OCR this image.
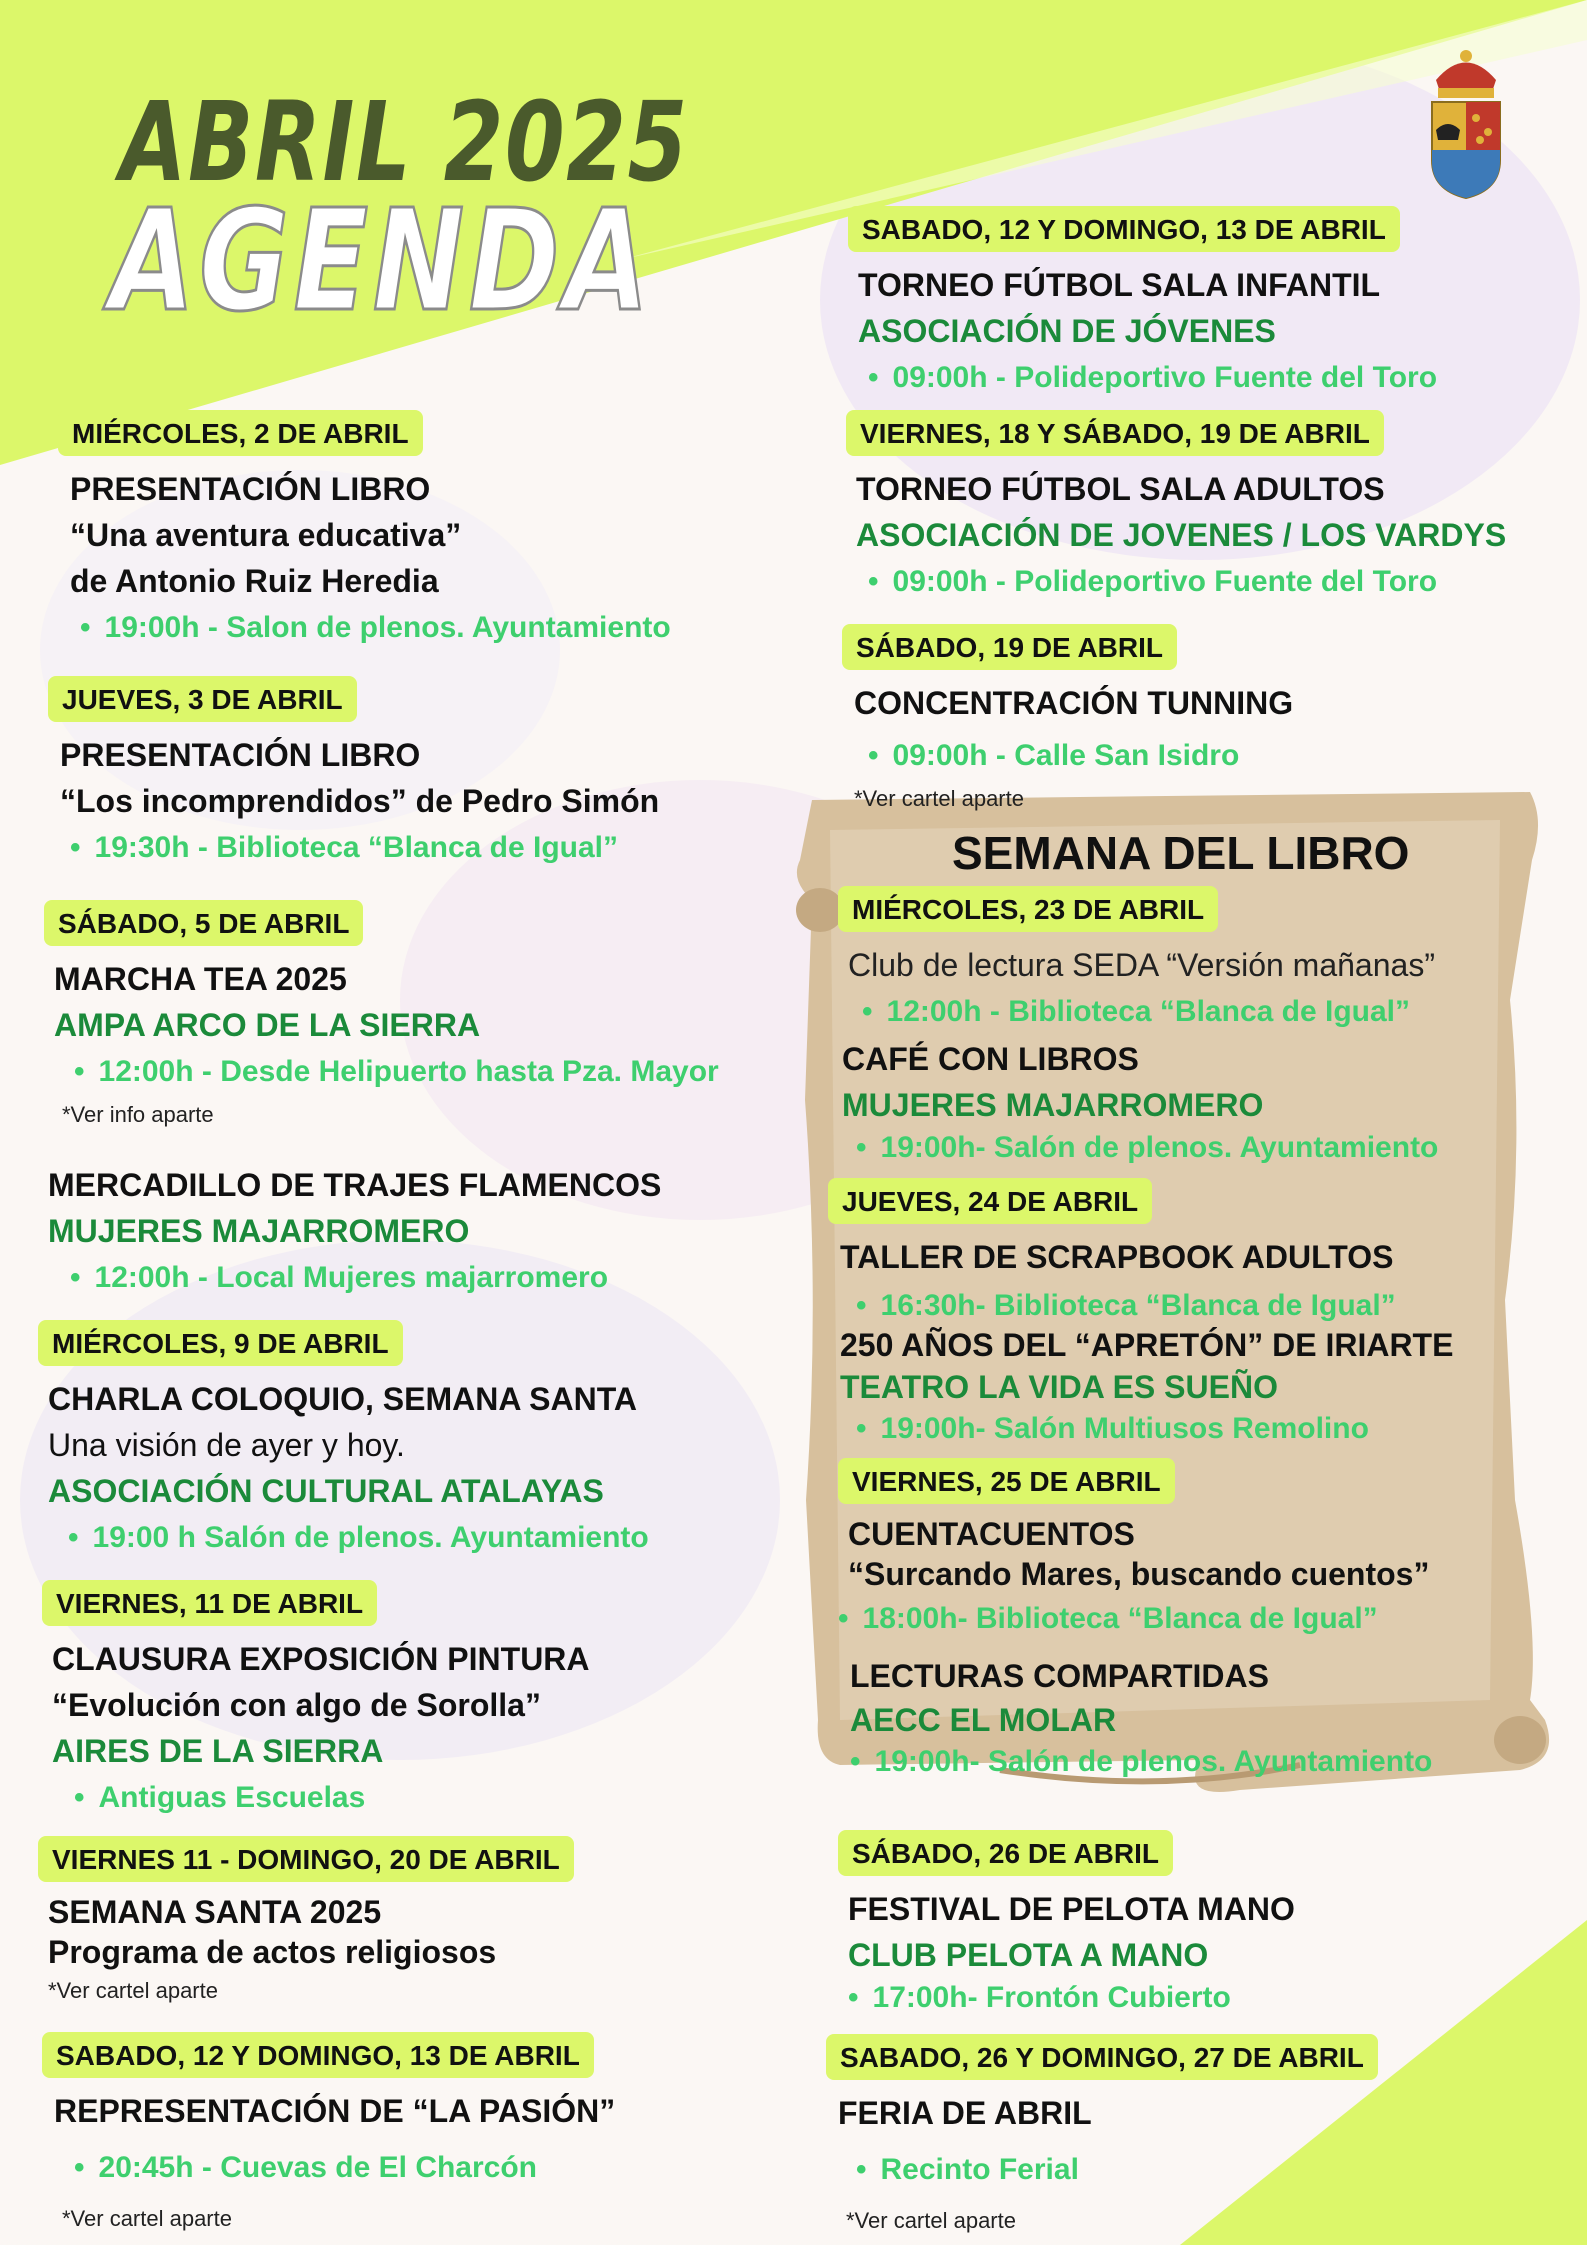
ABRIL 2025
AGENDA
MIÉRCOLES, 2 DE ABRIL
PRESENTACIÓN LIBRO
“Una aventura educativa”
de Antonio Ruiz Heredia
• 19:00h - Salon de plenos. Ayuntamiento
JUEVES, 3 DE ABRIL
PRESENTACIÓN LIBRO
“Los incomprendidos” de Pedro Simón
• 19:30h - Biblioteca “Blanca de Igual”
SÁBADO, 5 DE ABRIL
MARCHA TEA 2025
AMPA ARCO DE LA SIERRA
• 12:00h - Desde Helipuerto hasta Pza. Mayor
*Ver info aparte
MERCADILLO DE TRAJES FLAMENCOS
MUJERES MAJARROMERO
• 12:00h - Local Mujeres majarromero
MIÉRCOLES, 9 DE ABRIL
CHARLA COLOQUIO, SEMANA SANTA
Una visión de ayer y hoy.
ASOCIACIÓN CULTURAL ATALAYAS
• 19:00 h Salón de plenos. Ayuntamiento
VIERNES, 11 DE ABRIL
CLAUSURA EXPOSICIÓN PINTURA
“Evolución con algo de Sorolla”
AIRES DE LA SIERRA
• Antiguas Escuelas
VIERNES 11 - DOMINGO, 20 DE ABRIL
SEMANA SANTA 2025
Programa de actos religiosos
*Ver cartel aparte
SABADO, 12 Y DOMINGO, 13 DE ABRIL
REPRESENTACIÓN DE “LA PASIÓN”
• 20:45h - Cuevas de El Charcón
*Ver cartel aparte
SABADO, 12 Y DOMINGO, 13 DE ABRIL
TORNEO FÚTBOL SALA INFANTIL
ASOCIACIÓN DE JÓVENES
• 09:00h - Polideportivo Fuente del Toro
VIERNES, 18 Y SÁBADO, 19 DE ABRIL
TORNEO FÚTBOL SALA ADULTOS
ASOCIACIÓN DE JOVENES / LOS VARDYS
• 09:00h - Polideportivo Fuente del Toro
SÁBADO, 19 DE ABRIL
CONCENTRACIÓN TUNNING
• 09:00h - Calle San Isidro
*Ver cartel aparte
SEMANA DEL LIBRO
MIÉRCOLES, 23 DE ABRIL
Club de lectura SEDA “Versión mañanas”
• 12:00h - Biblioteca “Blanca de Igual”
CAFÉ CON LIBROS
MUJERES MAJARROMERO
• 19:00h- Salón de plenos. Ayuntamiento
JUEVES, 24 DE ABRIL
TALLER DE SCRAPBOOK ADULTOS
• 16:30h- Biblioteca “Blanca de Igual”
250 AÑOS DEL “APRETÓN” DE IRIARTE
TEATRO LA VIDA ES SUEÑO
• 19:00h- Salón Multiusos Remolino
VIERNES, 25 DE ABRIL
CUENTACUENTOS
“Surcando Mares, buscando cuentos”
• 18:00h- Biblioteca “Blanca de Igual”
LECTURAS COMPARTIDAS
AECC EL MOLAR
• 19:00h- Salón de plenos. Ayuntamiento
SÁBADO, 26 DE ABRIL
FESTIVAL DE PELOTA MANO
CLUB PELOTA A MANO
• 17:00h- Frontón Cubierto
SABADO, 26 Y DOMINGO, 27 DE ABRIL
FERIA DE ABRIL
• Recinto Ferial
*Ver cartel aparte
